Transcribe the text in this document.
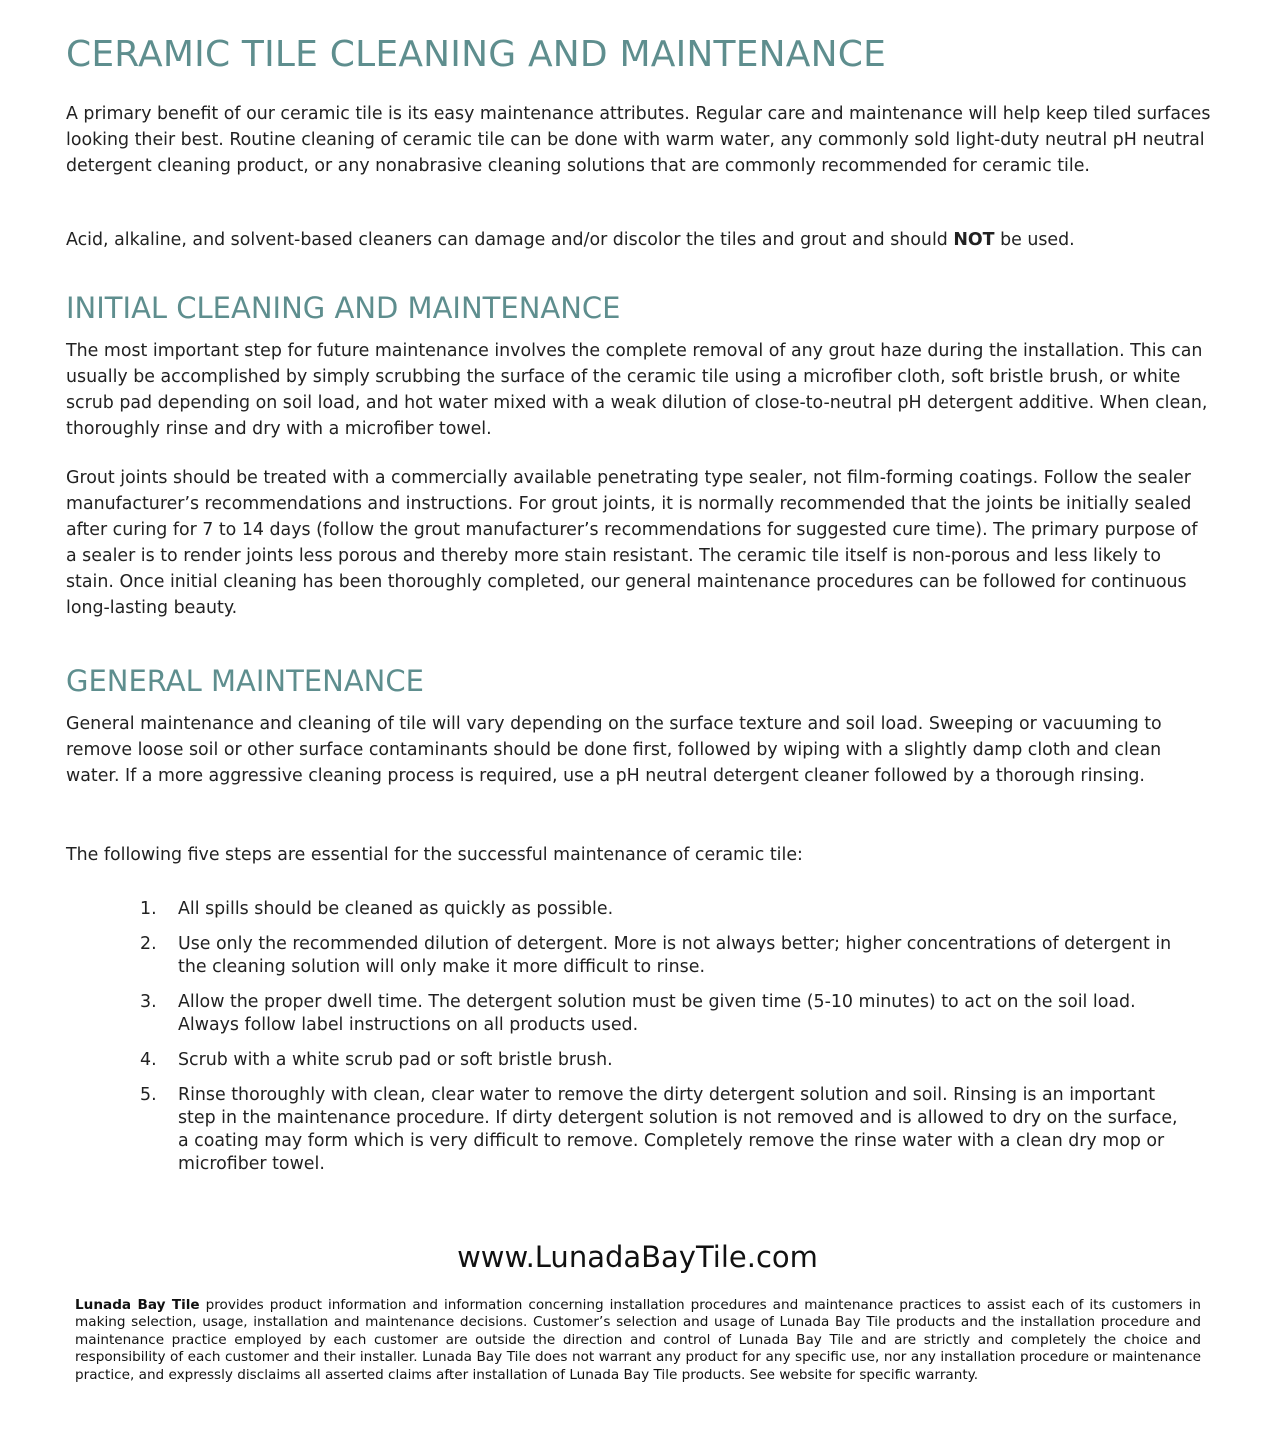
CERAMIC TILE CLEANING AND MAINTENANCE

A primary benefit of our ceramic tile is its easy maintenance attributes. Regular care and maintenance will help keep tiled surfaces looking their best. Routine cleaning of ceramic tile can be done with warm water, any commonly sold light-duty neutral pH neutral detergent cleaning product, or any nonabrasive cleaning solutions that are commonly recommended for ceramic tile.

Acid, alkaline, and solvent-based cleaners can damage and/or discolor the tiles and grout and should NOT be used.

INITIAL CLEANING AND MAINTENANCE

The most important step for future maintenance involves the complete removal of any grout haze during the installation. This can usually be accomplished by simply scrubbing the surface of the ceramic tile using a microfiber cloth, soft bristle brush, or white scrub pad depending on soil load, and hot water mixed with a weak dilution of close-to-neutral pH detergent additive. When clean, thoroughly rinse and dry with a microfiber towel.

Grout joints should be treated with a commercially available penetrating type sealer, not film-forming coatings. Follow the sealer manufacturer’s recommendations and instructions. For grout joints, it is normally recommended that the joints be initially sealed after curing for 7 to 14 days (follow the grout manufacturer’s recommendations for suggested cure time). The primary purpose of a sealer is to render joints less porous and thereby more stain resistant. The ceramic tile itself is non-porous and less likely to stain. Once initial cleaning has been thoroughly completed, our general maintenance procedures can be followed for continuous long-lasting beauty.

GENERAL MAINTENANCE

General maintenance and cleaning of tile will vary depending on the surface texture and soil load. Sweeping or vacuuming to remove loose soil or other surface contaminants should be done first, followed by wiping with a slightly damp cloth and clean water. If a more aggressive cleaning process is required, use a pH neutral detergent cleaner followed by a thorough rinsing.

The following five steps are essential for the successful maintenance of ceramic tile:

1. All spills should be cleaned as quickly as possible.
2. Use only the recommended dilution of detergent. More is not always better; higher concentrations of detergent in the cleaning solution will only make it more difficult to rinse.
3. Allow the proper dwell time. The detergent solution must be given time (5-10 minutes) to act on the soil load. Always follow label instructions on all products used.
4. Scrub with a white scrub pad or soft bristle brush.
5. Rinse thoroughly with clean, clear water to remove the dirty detergent solution and soil. Rinsing is an important step in the maintenance procedure. If dirty detergent solution is not removed and is allowed to dry on the surface, a coating may form which is very difficult to remove. Completely remove the rinse water with a clean dry mop or microfiber towel.
www.LunadaBayTile.com

Lunada Bay Tile provides product information and information concerning installation procedures and maintenance practices to assist each of its customers in making selection, usage, installation and maintenance decisions. Customer’s selection and usage of Lunada Bay Tile products and the installation procedure and maintenance practice employed by each customer are outside the direction and control of Lunada Bay Tile and are strictly and completely the choice and responsibility of each customer and their installer. Lunada Bay Tile does not warrant any product for any specific use, nor any installation procedure or maintenance practice, and expressly disclaims all asserted claims after installation of Lunada Bay Tile products. See website for specific warranty.
